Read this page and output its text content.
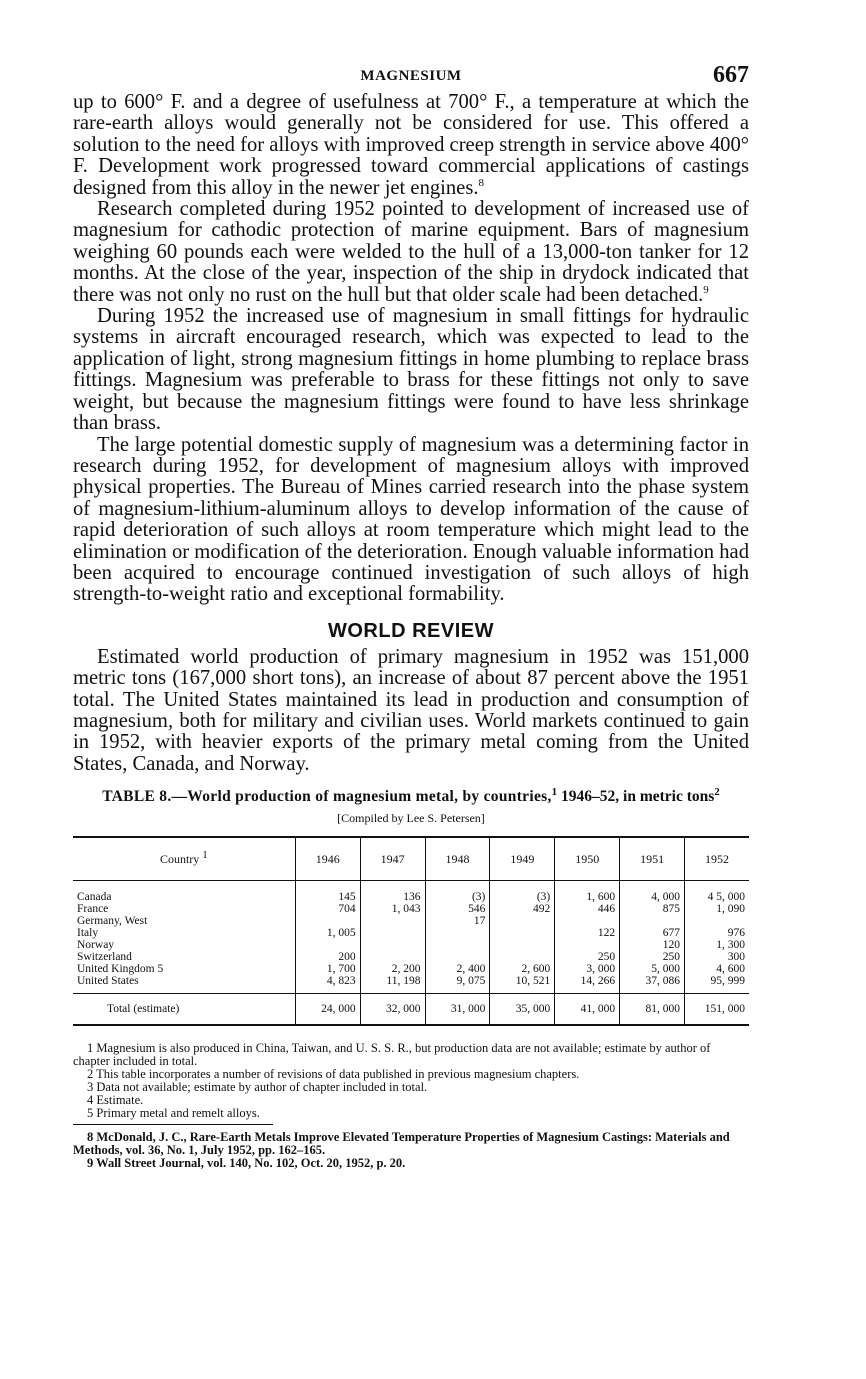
MAGNESIUM	667

up to 600° F. and a degree of usefulness at 700° F., a temperature at which the rare-earth alloys would generally not be considered for use. This offered a solution to the need for alloys with improved creep strength in service above 400° F. Development work progressed toward commercial applications of castings designed from this alloy in the newer jet engines.$^8$

Research completed during 1952 pointed to development of increased use of magnesium for cathodic protection of marine equipment. Bars of magnesium weighing 60 pounds each were welded to the hull of a 13,000-ton tanker for 12 months. At the close of the year, inspection of the ship in drydock indicated that there was not only no rust on the hull but that older scale had been detached.$^9$

During 1952 the increased use of magnesium in small fittings for hydraulic systems in aircraft encouraged research, which was expected to lead to the application of light, strong magnesium fittings in home plumbing to replace brass fittings. Magnesium was preferable to brass for these fittings not only to save weight, but because the magnesium fittings were found to have less shrinkage than brass.

The large potential domestic supply of magnesium was a determining factor in research during 1952, for development of magnesium alloys with improved physical properties. The Bureau of Mines carried research into the phase system of magnesium-lithium-aluminum alloys to develop information of the cause of rapid deterioration of such alloys at room temperature which might lead to the elimination or modification of the deterioration. Enough valuable information had been acquired to encourage continued investigation of such alloys of high strength-to-weight ratio and exceptional formability.

WORLD REVIEW

Estimated world production of primary magnesium in 1952 was 151,000 metric tons (167,000 short tons), an increase of about 87 percent above the 1951 total. The United States maintained its lead in production and consumption of magnesium, both for military and civilian uses. World markets continued to gain in 1952, with heavier exports of the primary metal coming from the United States, Canada, and Norway.

TABLE 8.—World production of magnesium metal, by countries,$^1$ 1946–52, in metric tons$^2$
[Compiled by Lee S. Petersen]
Country $^1$	1946	1947	1948	1949	1950	1951	1952
Canada	145	136	(3)	(3)	1, 600	4, 000	4 5, 000
France	704	1, 043	546	492	446	875	1, 090
Germany, West			17				
Italy	1, 005				122	677	976
Norway						120	1, 300
Switzerland	200				250	250	300
United Kingdom 5	1, 700	2, 200	2, 400	2, 600	3, 000	5, 000	4, 600
United States	4, 823	11, 198	9, 075	10, 521	14, 266	37, 086	95, 999
Total (estimate)	24, 000	32, 000	31, 000	35, 000	41, 000	81, 000	151, 000
1 Magnesium is also produced in China, Taiwan, and U. S. S. R., but production data are not available; estimate by author of chapter included in total.
2 This table incorporates a number of revisions of data published in previous magnesium chapters.
3 Data not available; estimate by author of chapter included in total.
4 Estimate.
5 Primary metal and remelt alloys.
8 McDonald, J. C., Rare-Earth Metals Improve Elevated Temperature Properties of Magnesium Castings: Materials and Methods, vol. 36, No. 1, July 1952, pp. 162–165.
9 Wall Street Journal, vol. 140, No. 102, Oct. 20, 1952, p. 20.
